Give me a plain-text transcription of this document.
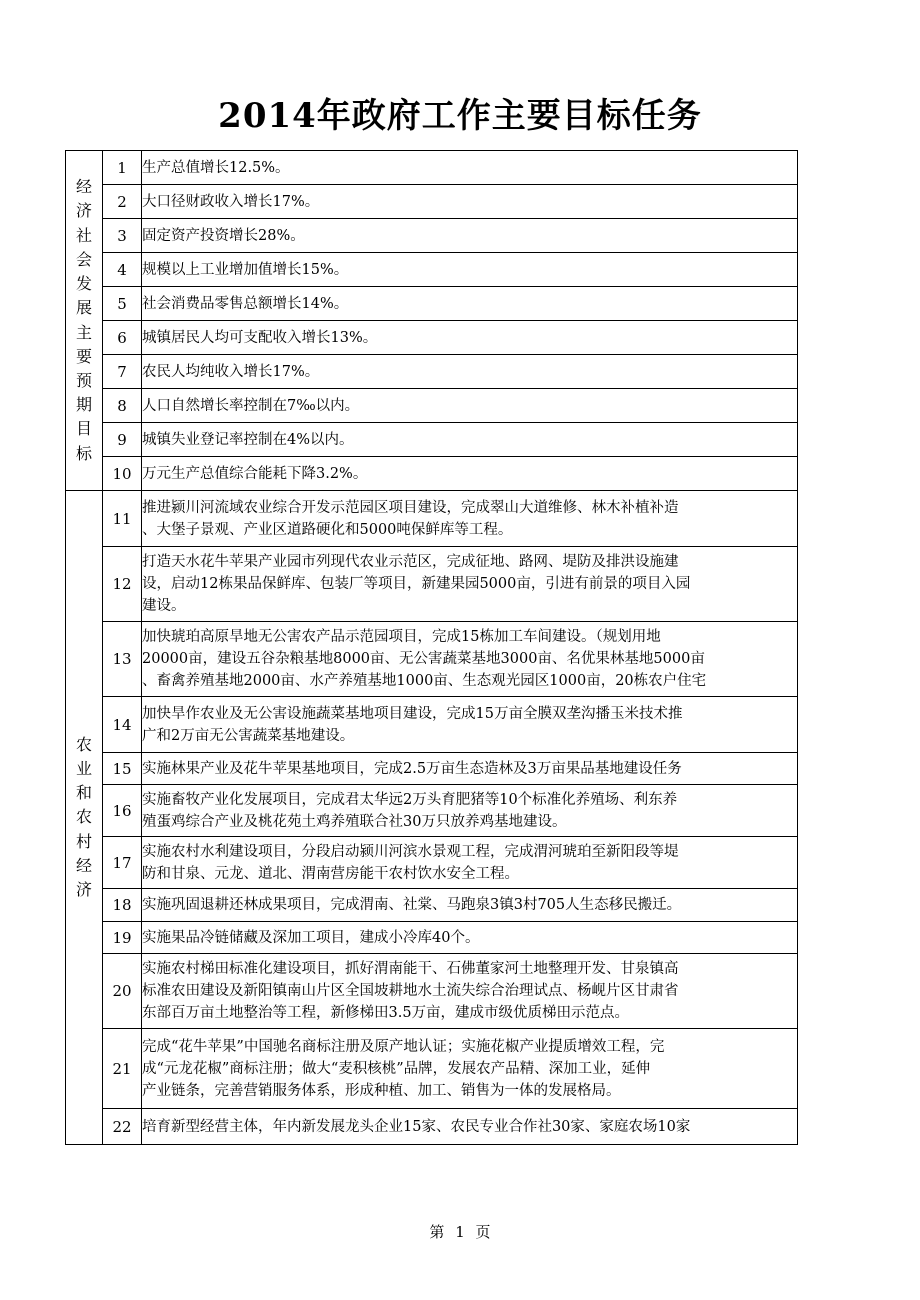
2014年政府工作主要目标任务
经济社会发展主要预期目标	1	生产总值增长12.5%。

	2	大口径财政收入增长17%。

	3	固定资产投资增长28%。

	4	规模以上工业增加值增长15%。

	5	社会消费品零售总额增长14%。

	6	城镇居民人均可支配收入增长13%。

	7	农民人均纯收入增长17%。

	8	人口自然增长率控制在7‰以内。

	9	城镇失业登记率控制在4%以内。

	10	万元生产总值综合能耗下降3.2%。

农业和农村经济	11	推进颍川河流域农业综合开发示范园区项目建设，完成翠山大道维修、林木补植补造
、大堡子景观、产业区道路硬化和5000吨保鲜库等工程。

	12	打造天水花牛苹果产业园市列现代农业示范区，完成征地、路网、堤防及排洪设施建
设，启动12栋果品保鲜库、包装厂等项目，新建果园5000亩，引进有前景的项目入园
建设。

	13	加快琥珀高原旱地无公害农产品示范园项目，完成15栋加工车间建设。（规划用地
20000亩，建设五谷杂粮基地8000亩、无公害蔬菜基地3000亩、名优果林基地5000亩
、畜禽养殖基地2000亩、水产养殖基地1000亩、生态观光园区1000亩，20栋农户住宅

	14	加快旱作农业及无公害设施蔬菜基地项目建设，完成15万亩全膜双垄沟播玉米技术推
广和2万亩无公害蔬菜基地建设。

	15	实施林果产业及花牛苹果基地项目，完成2.5万亩生态造林及3万亩果品基地建设任务

	16	实施畜牧产业化发展项目，完成君太华远2万头育肥猪等10个标准化养殖场、利东养
殖蛋鸡综合产业及桃花苑土鸡养殖联合社30万只放养鸡基地建设。

	17	实施农村水利建设项目，分段启动颍川河滨水景观工程，完成渭河琥珀至新阳段等堤
防和甘泉、元龙、道北、渭南营房能干农村饮水安全工程。

	18	实施巩固退耕还林成果项目，完成渭南、社棠、马跑泉3镇3村705人生态移民搬迁。

	19	实施果品冷链储藏及深加工项目，建成小冷库40个。

	20	实施农村梯田标准化建设项目，抓好渭南能干、石佛董家河土地整理开发、甘泉镇高
标准农田建设及新阳镇南山片区全国坡耕地水土流失综合治理试点、杨岘片区甘肃省
东部百万亩土地整治等工程，新修梯田3.5万亩，建成市级优质梯田示范点。

	21	完成“花牛苹果”中国驰名商标注册及原产地认证；实施花椒产业提质增效工程，完
成“元龙花椒”商标注册；做大“麦积核桃”品牌，发展农产品精、深加工业，延伸
产业链条，完善营销服务体系，形成种植、加工、销售为一体的发展格局。

	22	培育新型经营主体，年内新发展龙头企业15家、农民专业合作社30家、家庭农场10家
第 1 页
